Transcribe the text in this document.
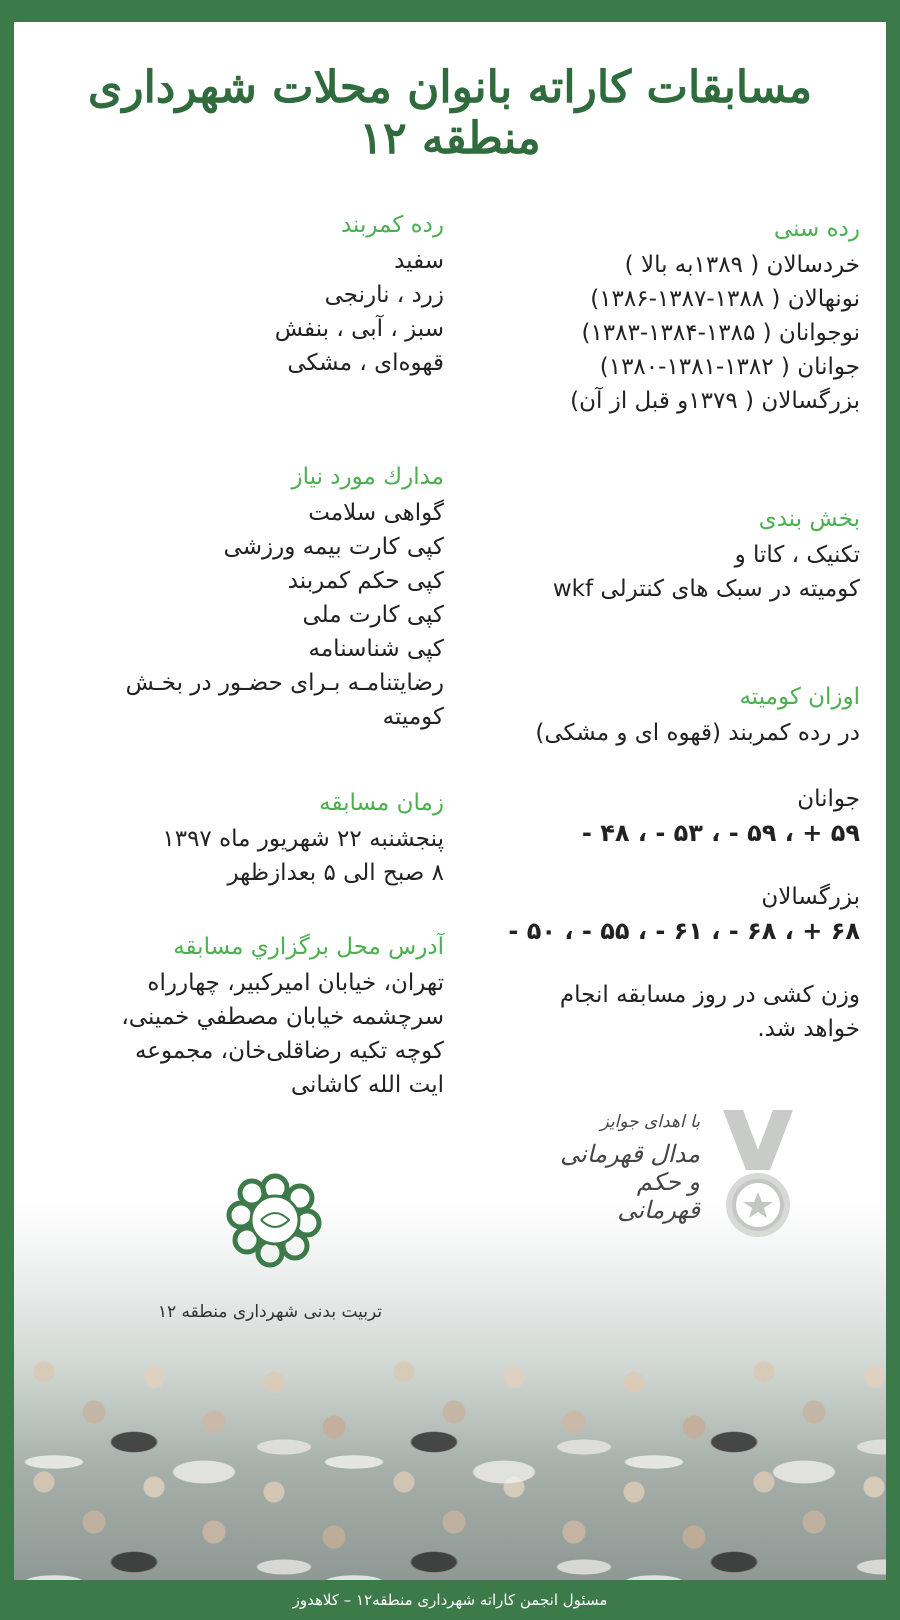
مسابقات کاراته بانوان محلات شهرداری منطقه ۱۲
رده سنی
خردسالان ( ۱۳۸۹به بالا )
نونهالان ( ۱۳۸۸-۱۳۸۷-۱۳۸۶)
نوجوانان ( ۱۳۸۵-۱۳۸۴-۱۳۸۳)
جوانان ( ۱۳۸۲-۱۳۸۱-۱۳۸۰)
بزرگسالان ( ۱۳۷۹و قبل از آن)
بخش بندی
تکنیک ، کاتا و
کومیته در سبک های کنترلی wkf
اوزان کومیته
در رده کمربند (قهوه ای و مشکی)
جوانان
۵۹ + ، ۵۹ - ، ۵۳ - ، ۴۸ -
بزرگسالان
۶۸ + ، ۶۸ - ، ۶۱ - ، ۵۵ - ، ۵۰ -
وزن کشی در روز مسابقه انجام
خواهد شد.
رده کمربند
سفید
زرد ، نارنجی
سبز ، آبی ، بنفش
قهوه‌ای ، مشکی
مدارك مورد نياز
گواهی سلامت
کپی کارت بیمه ورزشی
کپی حکم کمربند
کپی کارت ملی
کپی شناسنامه
رضایتنامـه بـرای حضـور در بخـش
کومیته
زمان مسابقه
پنجشنبه ۲۲ شهریور ماه ۱۳۹۷
۸ صبح الی ۵ بعدازظهر
آدرس محل برگزاري مسابقه
تهران، خیابان امیرکبیر، چهارراه
سرچشمه خیابان مصطفي خمینی،
کوچه تکیه رضاقلی‌خان، مجموعه
ایت الله کاشانی
با اهدای جوایز
مدال قهرمانی
و حکم قهرمانی
تربیت بدنی شهرداری منطقه ۱۲
مسئول انجمن کاراته شهرداری منطقه۱۲ – کلاهدوز
